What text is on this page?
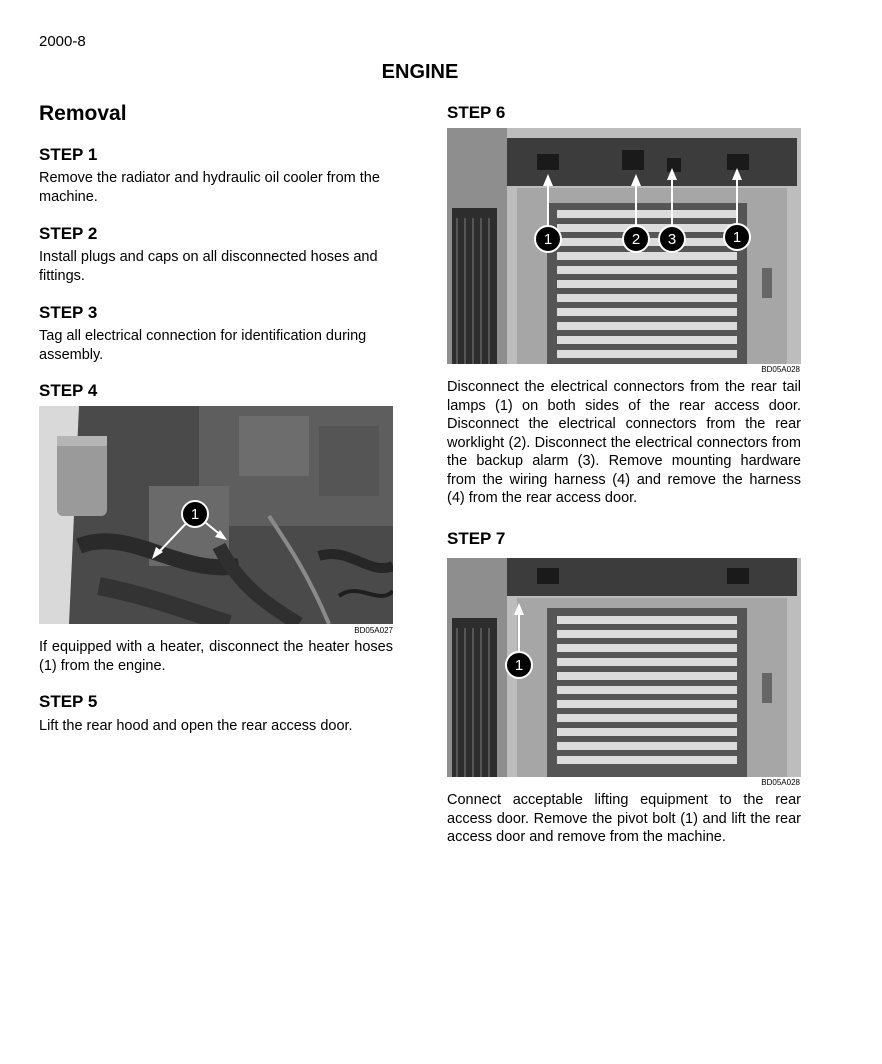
2000-8
ENGINE
Removal
STEP 1
Remove the radiator and hydraulic oil cooler from the machine.
STEP 2
Install plugs and caps on all disconnected hoses and fittings.
STEP 3
Tag all electrical connection for identification during assembly.
STEP 4
1
BD05A027
If equipped with a heater, disconnect the heater hoses (1) from the engine.
STEP 5
Lift the rear hood and open the rear access door.
STEP 6
1	2 3	1
BD05A028
Disconnect the electrical connectors from the rear tail lamps (1) on both sides of the rear access door. Disconnect the electrical connectors from the rear worklight (2). Disconnect the electrical connectors from the backup alarm (3). Remove mounting hardware from the wiring harness (4) and remove the harness (4) from the rear access door.
STEP 7
1
BD05A028
Connect acceptable lifting equipment to the rear access door. Remove the pivot bolt (1) and lift the rear access door and remove from the machine.
